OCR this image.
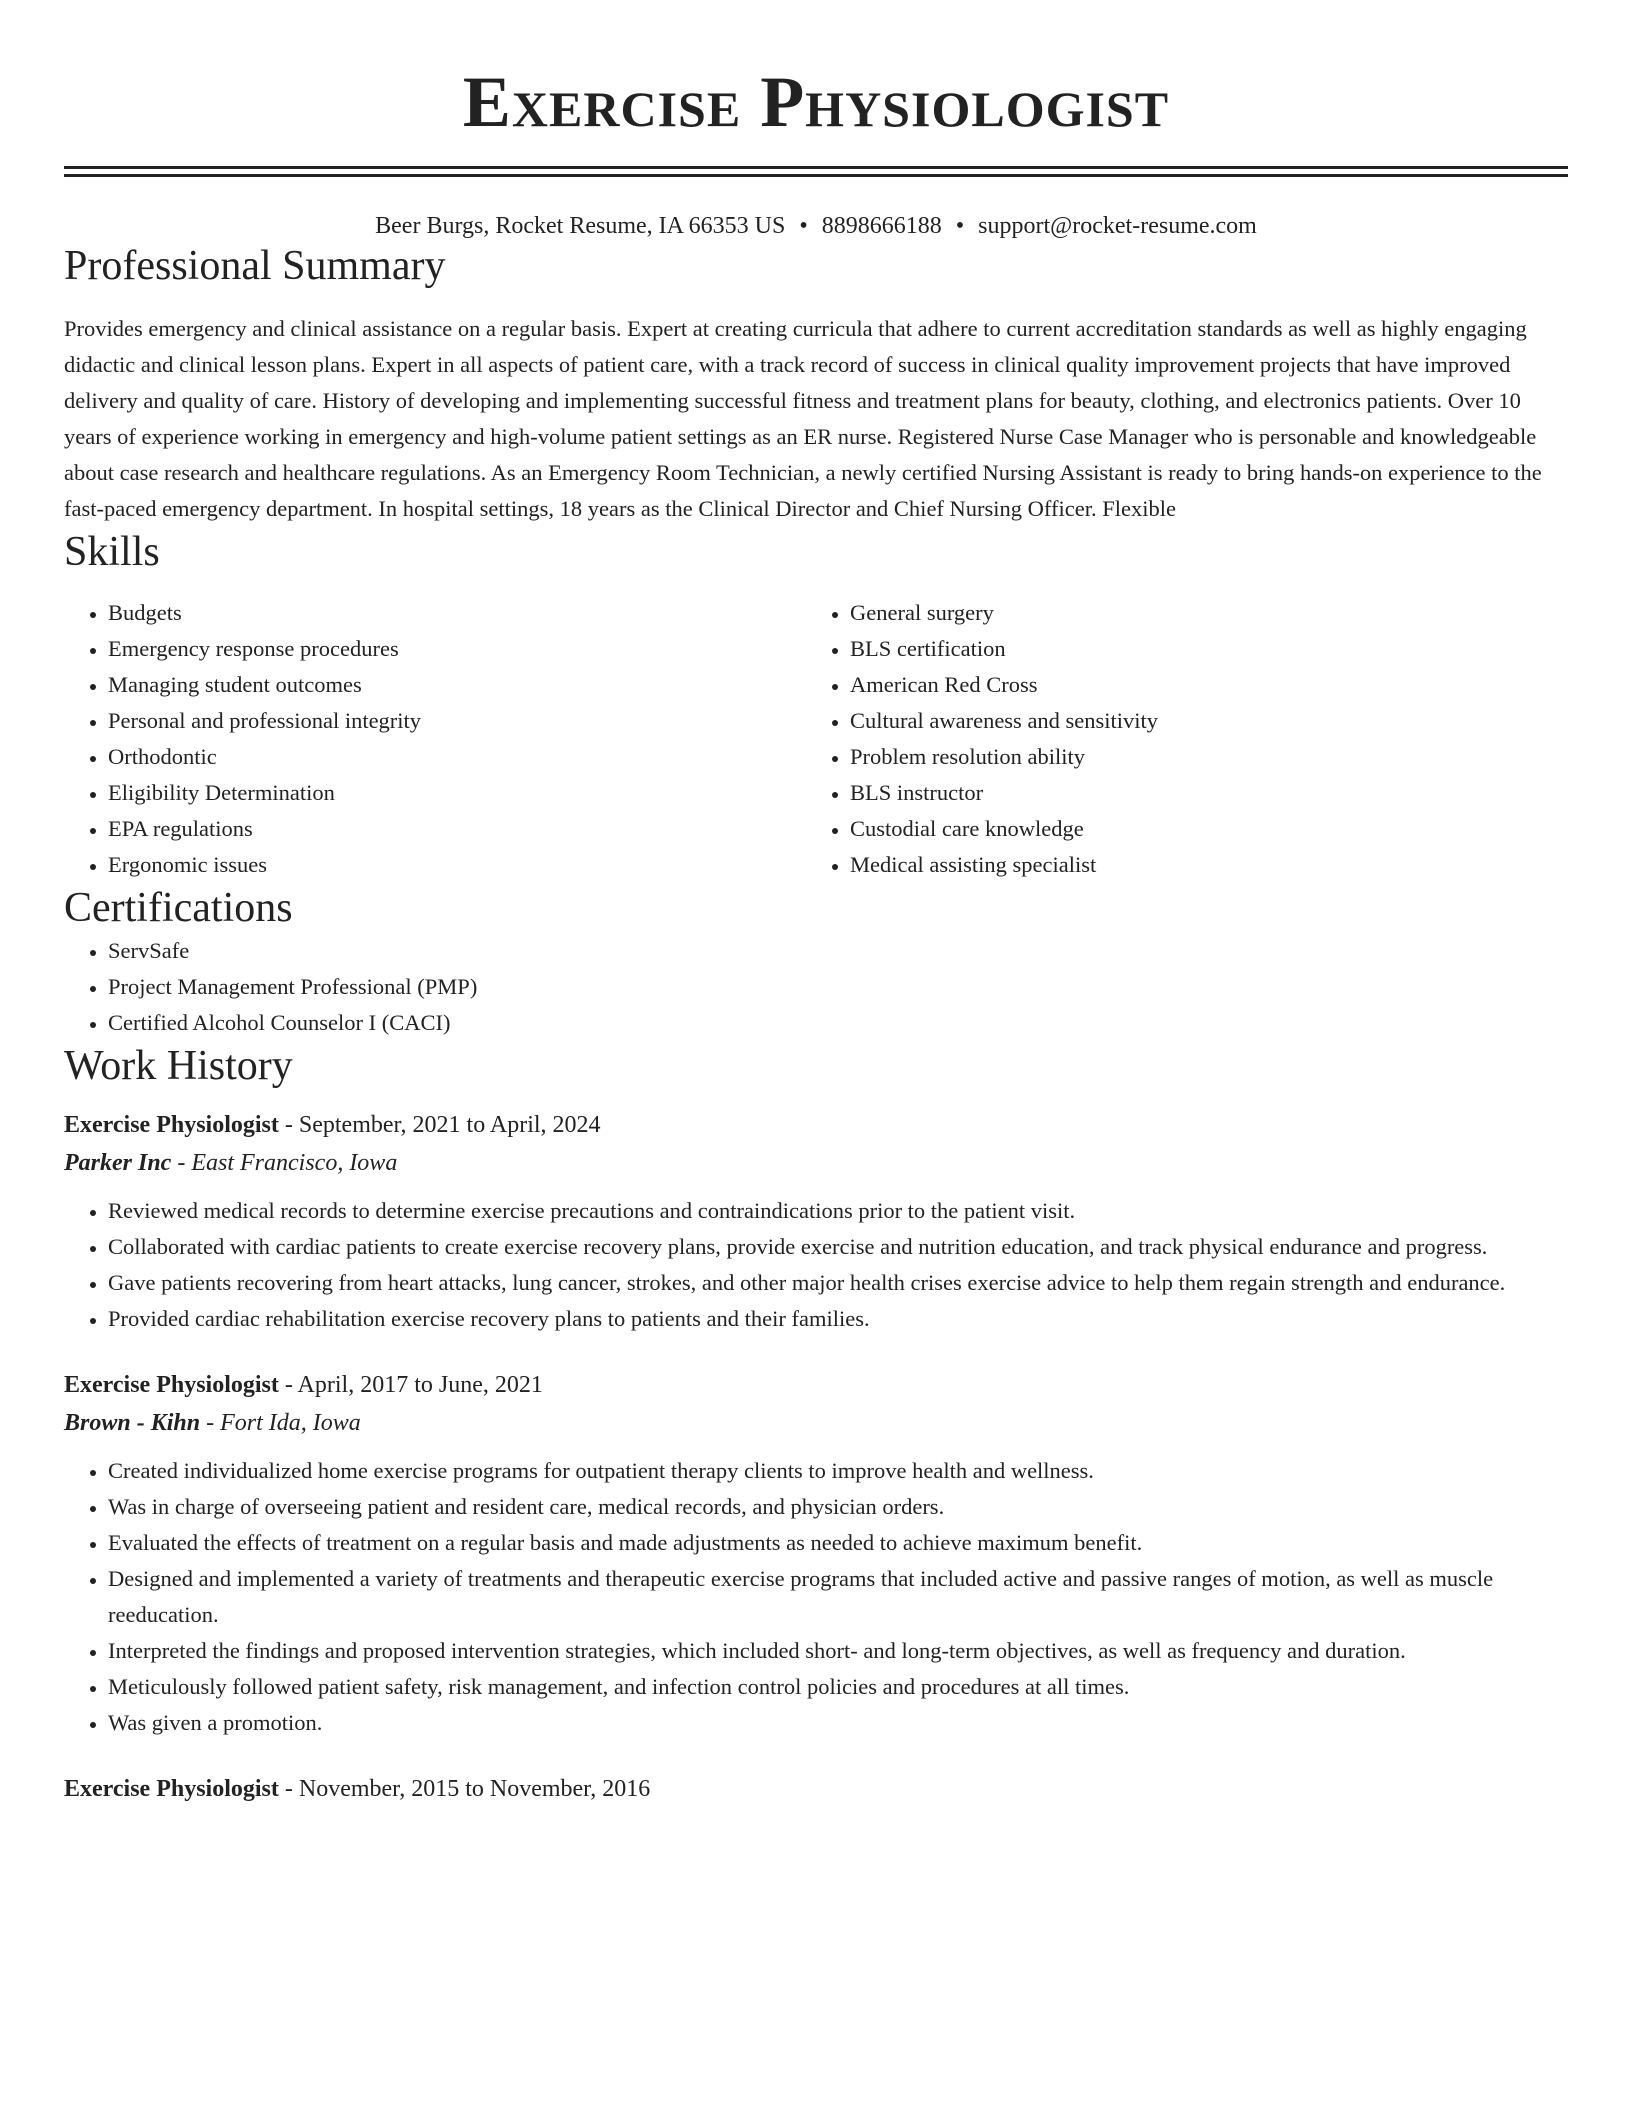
Exercise Physiologist
Beer Burgs, Rocket Resume, IA 66353 US • 8898666188 • support@rocket-resume.com
Professional Summary
Provides emergency and clinical assistance on a regular basis. Expert at creating curricula that adhere to current accreditation standards as well as highly engaging didactic and clinical lesson plans. Expert in all aspects of patient care, with a track record of success in clinical quality improvement projects that have improved delivery and quality of care. History of developing and implementing successful fitness and treatment plans for beauty, clothing, and electronics patients. Over 10 years of experience working in emergency and high-volume patient settings as an ER nurse. Registered Nurse Case Manager who is personable and knowledgeable about case research and healthcare regulations. As an Emergency Room Technician, a newly certified Nursing Assistant is ready to bring hands-on experience to the fast-paced emergency department. In hospital settings, 18 years as the Clinical Director and Chief Nursing Officer. Flexible
Skills
• Budgets
• Emergency response procedures
• Managing student outcomes
• Personal and professional integrity
• Orthodontic
• Eligibility Determination
• EPA regulations
• Ergonomic issues
• General surgery
• BLS certification
• American Red Cross
• Cultural awareness and sensitivity
• Problem resolution ability
• BLS instructor
• Custodial care knowledge
• Medical assisting specialist
Certifications
• ServSafe
• Project Management Professional (PMP)
• Certified Alcohol Counselor I (CACI)
Work History
Exercise Physiologist - September, 2021 to April, 2024
Parker Inc - East Francisco, Iowa
• Reviewed medical records to determine exercise precautions and contraindications prior to the patient visit.
• Collaborated with cardiac patients to create exercise recovery plans, provide exercise and nutrition education, and track physical endurance and progress.
• Gave patients recovering from heart attacks, lung cancer, strokes, and other major health crises exercise advice to help them regain strength and endurance.
• Provided cardiac rehabilitation exercise recovery plans to patients and their families.
Exercise Physiologist - April, 2017 to June, 2021
Brown - Kihn - Fort Ida, Iowa
• Created individualized home exercise programs for outpatient therapy clients to improve health and wellness.
• Was in charge of overseeing patient and resident care, medical records, and physician orders.
• Evaluated the effects of treatment on a regular basis and made adjustments as needed to achieve maximum benefit.
• Designed and implemented a variety of treatments and therapeutic exercise programs that included active and passive ranges of motion, as well as muscle reeducation.
• Interpreted the findings and proposed intervention strategies, which included short- and long-term objectives, as well as frequency and duration.
• Meticulously followed patient safety, risk management, and infection control policies and procedures at all times.
• Was given a promotion.
Exercise Physiologist - November, 2015 to November, 2016
